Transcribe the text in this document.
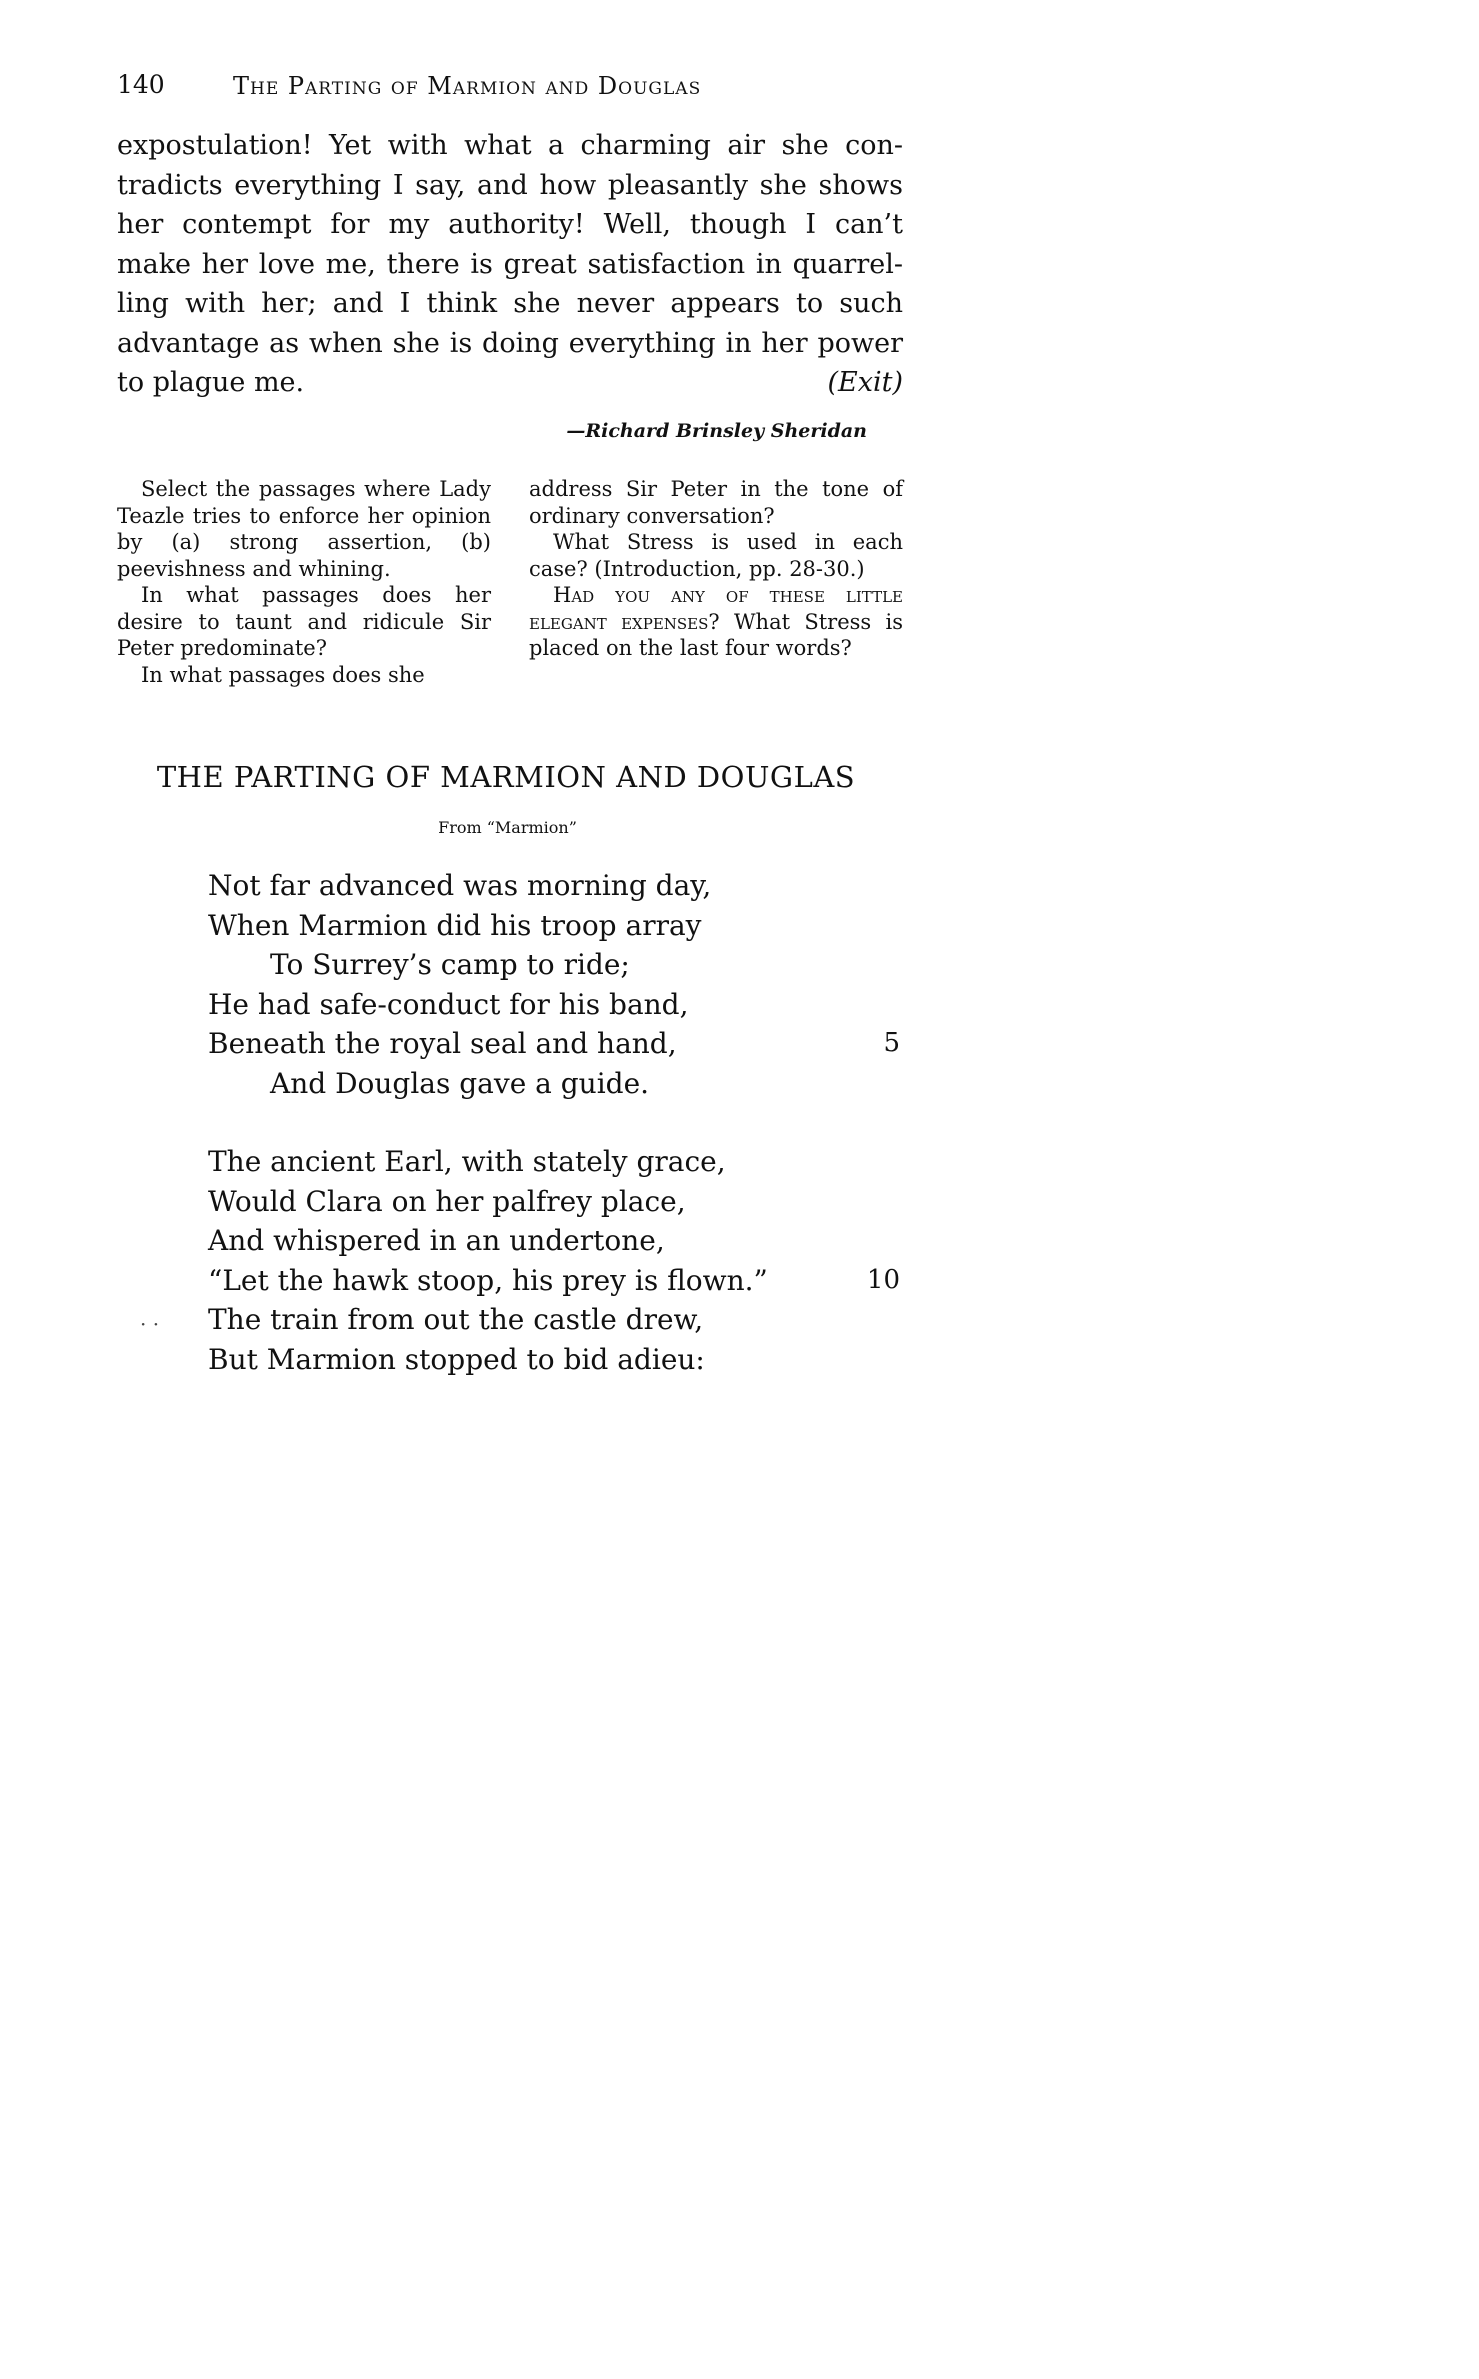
140	The Parting of Marmion and Douglas
expostulation! Yet with what a charming air she con-
tradicts everything I say, and how pleasantly she shows
her contempt for my authority! Well, though I can’t
make her love me, there is great satisfaction in quarrel-
ling with her; and I think she never appears to such
advantage as when she is doing everything in her power
to plague me.	(Exit)
—Richard Brinsley Sheridan

Select the passages where Lady Teazle tries to enforce her opinion by (a) strong assertion, (b) peevishness and whining.

In what passages does her desire to taunt and ridicule Sir Peter predominate?

In what passages does she

address Sir Peter in the tone of ordinary conversation?

What Stress is used in each case? (Introduction, pp. 28-30.)

Had you any of these little elegant expenses? What Stress is placed on the last four words?

THE PARTING OF MARMION AND DOUGLAS
From “Marmion”
Not far advanced was morning day,
When Marmion did his troop array
To Surrey’s camp to ride;
He had safe-conduct for his band,
Beneath the royal seal and hand,	5
And Douglas gave a guide.
The ancient Earl, with stately grace,
Would Clara on her palfrey place,
And whispered in an undertone,
“Let the hawk stoop, his prey is flown.”	10
The train from out the castle drew,
But Marmion stopped to bid adieu:
· ·
